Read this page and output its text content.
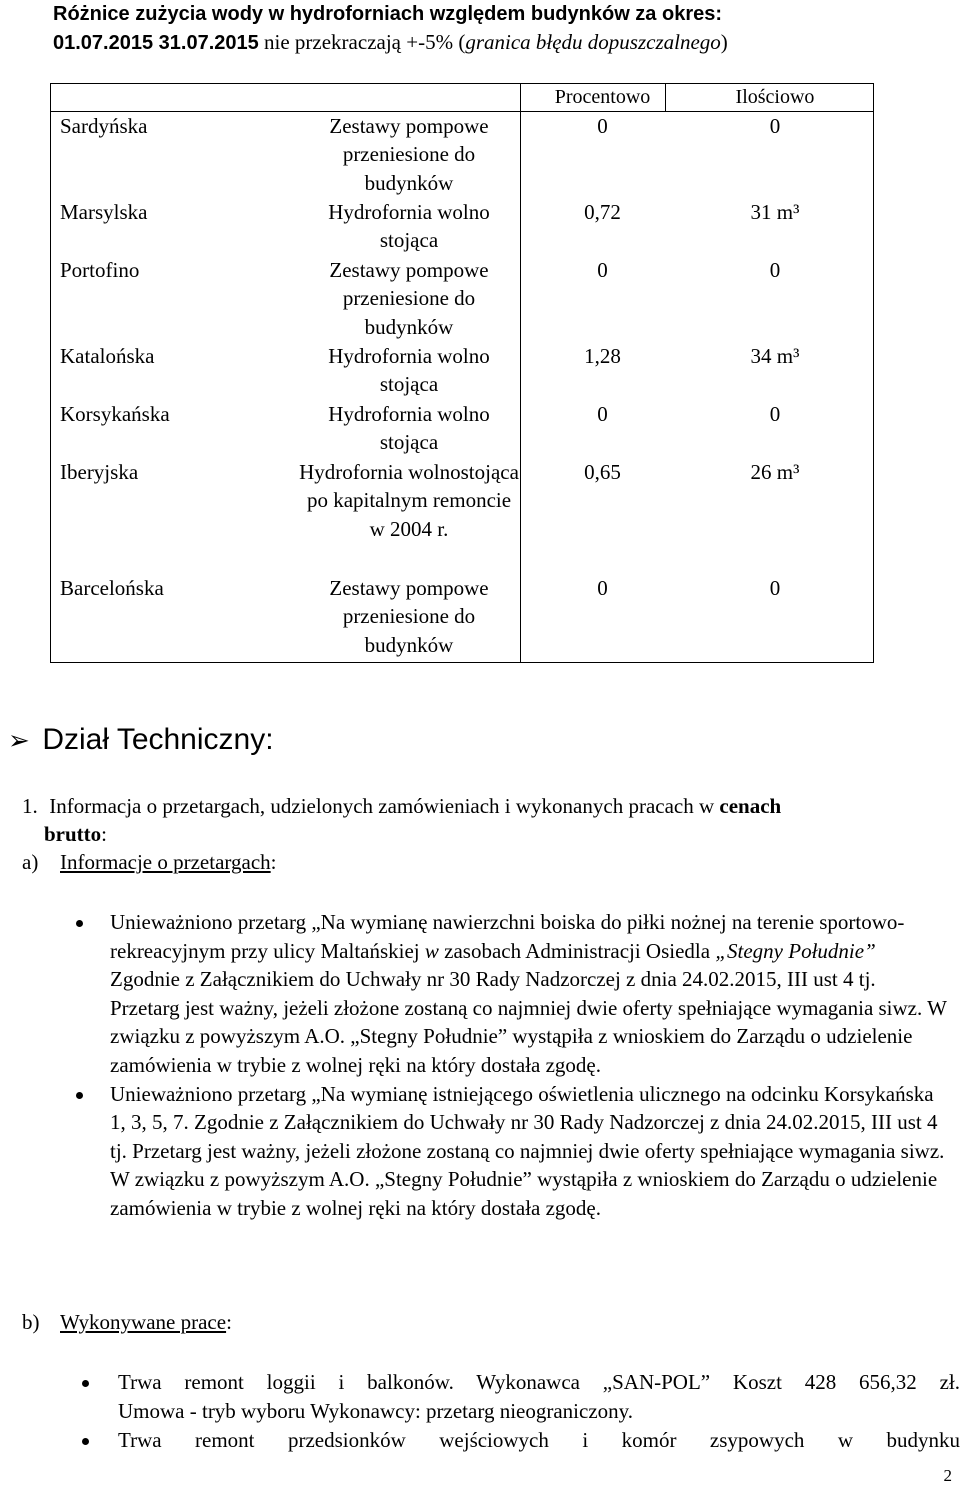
Różnice zużycia wody w hydroforniach względem budynków za okres:
01.07.2015 31.07.2015 nie przekraczają +-5% (granica błędu dopuszczalnego)
		Procentowo	Ilościowo
Sardyńska	Zestawy pompowe przeniesione do budynków	0	0
Marsylska	Hydrofornia wolno stojąca	0,72	31 m³
Portofino	Zestawy pompowe przeniesione do budynków	0	0
Katalońska	Hydrofornia wolno stojąca	1,28	34 m³
Korsykańska	Hydrofornia wolno stojąca	0	0
Iberyjska	Hydrofornia wolnostojąca po kapitalnym remoncie w 2004 r.	0,65	26 m³
Barcelońska	Zestawy pompowe przeniesione do budynków	0	0
➢ Dział Techniczny:
1. Informacja o przetargach, udzielonych zamówieniach i wykonanych pracach w cenach
brutto:
a) Informacje o przetargach:
Unieważniono przetarg „Na wymianę nawierzchni boiska do piłki nożnej na terenie sportowo-rekreacyjnym przy ulicy Maltańskiej w zasobach Administracji Osiedla „Stegny Południe” Zgodnie z Załącznikiem do Uchwały nr 30 Rady Nadzorczej z dnia 24.02.2015, III ust 4 tj. Przetarg jest ważny, jeżeli złożone zostaną co najmniej dwie oferty spełniające wymagania siwz. W związku z powyższym A.O. „Stegny Południe” wystąpiła z wnioskiem do Zarządu o udzielenie zamówienia w trybie z wolnej ręki na który dostała zgodę.
Unieważniono przetarg „Na wymianę istniejącego oświetlenia ulicznego na odcinku Korsykańska 1, 3, 5, 7. Zgodnie z Załącznikiem do Uchwały nr 30 Rady Nadzorczej z dnia 24.02.2015, III ust 4 tj. Przetarg jest ważny, jeżeli złożone zostaną co najmniej dwie oferty spełniające wymagania siwz. W związku z powyższym A.O. „Stegny Południe” wystąpiła z wnioskiem do Zarządu o udzielenie zamówienia w trybie z wolnej ręki na który dostała zgodę.
b) Wykonywane prace:
Trwa remont loggii i balkonów. Wykonawca „SAN-POL” Koszt 428 656,32 zł.
Umowa - tryb wyboru Wykonawcy: przetarg nieograniczony.
Trwa remont przedsionków wejściowych i komór zsypowych w budynku
2
